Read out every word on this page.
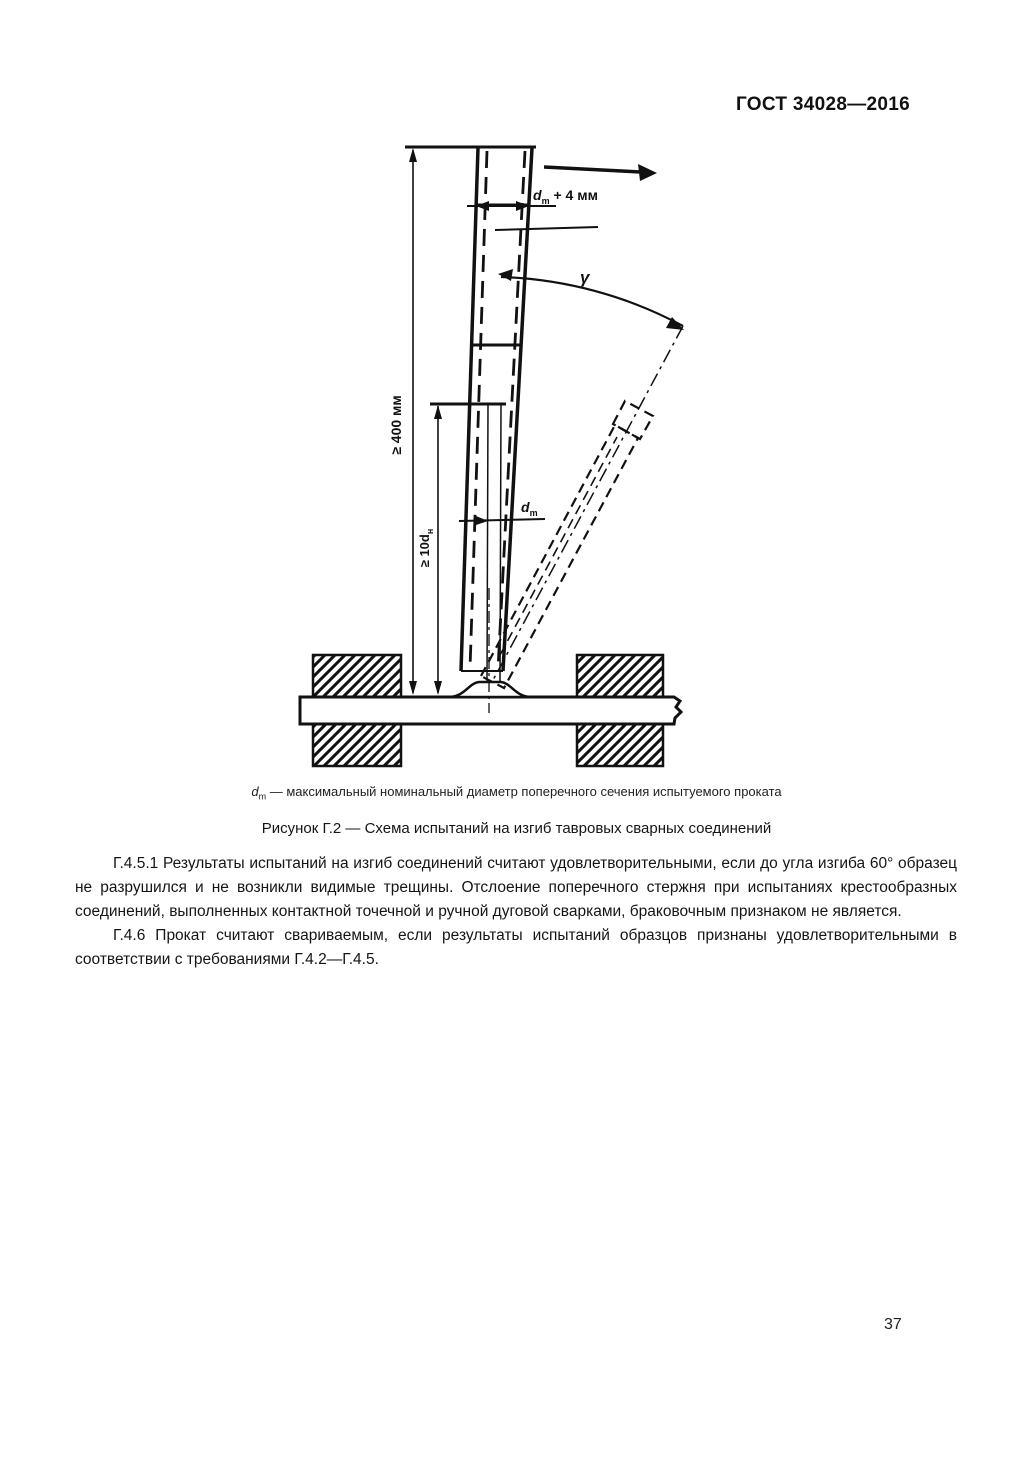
ГОСТ 34028—2016
≥ 400 мм
≥ $10d_н$
$d_m + 4$ мм
$d_m$
γ
$d_m$ — максимальный номинальный диаметр поперечного сечения испытуемого проката
Рисунок Г.2 — Схема испытаний на изгиб тавровых сварных соединений

Г.4.5.1 Результаты испытаний на изгиб соединений считают удовлетворительными, если до угла изгиба 60° образец не разрушился и не возникли видимые трещины. Отслоение поперечного стержня при испытаниях крестообразных соединений, выполненных контактной точечной и ручной дуговой сварками, браковочным признаком не является.

Г.4.6 Прокат считают свариваемым, если результаты испытаний образцов признаны удовлетворительными в соответствии с требованиями Г.4.2—Г.4.5.

37
